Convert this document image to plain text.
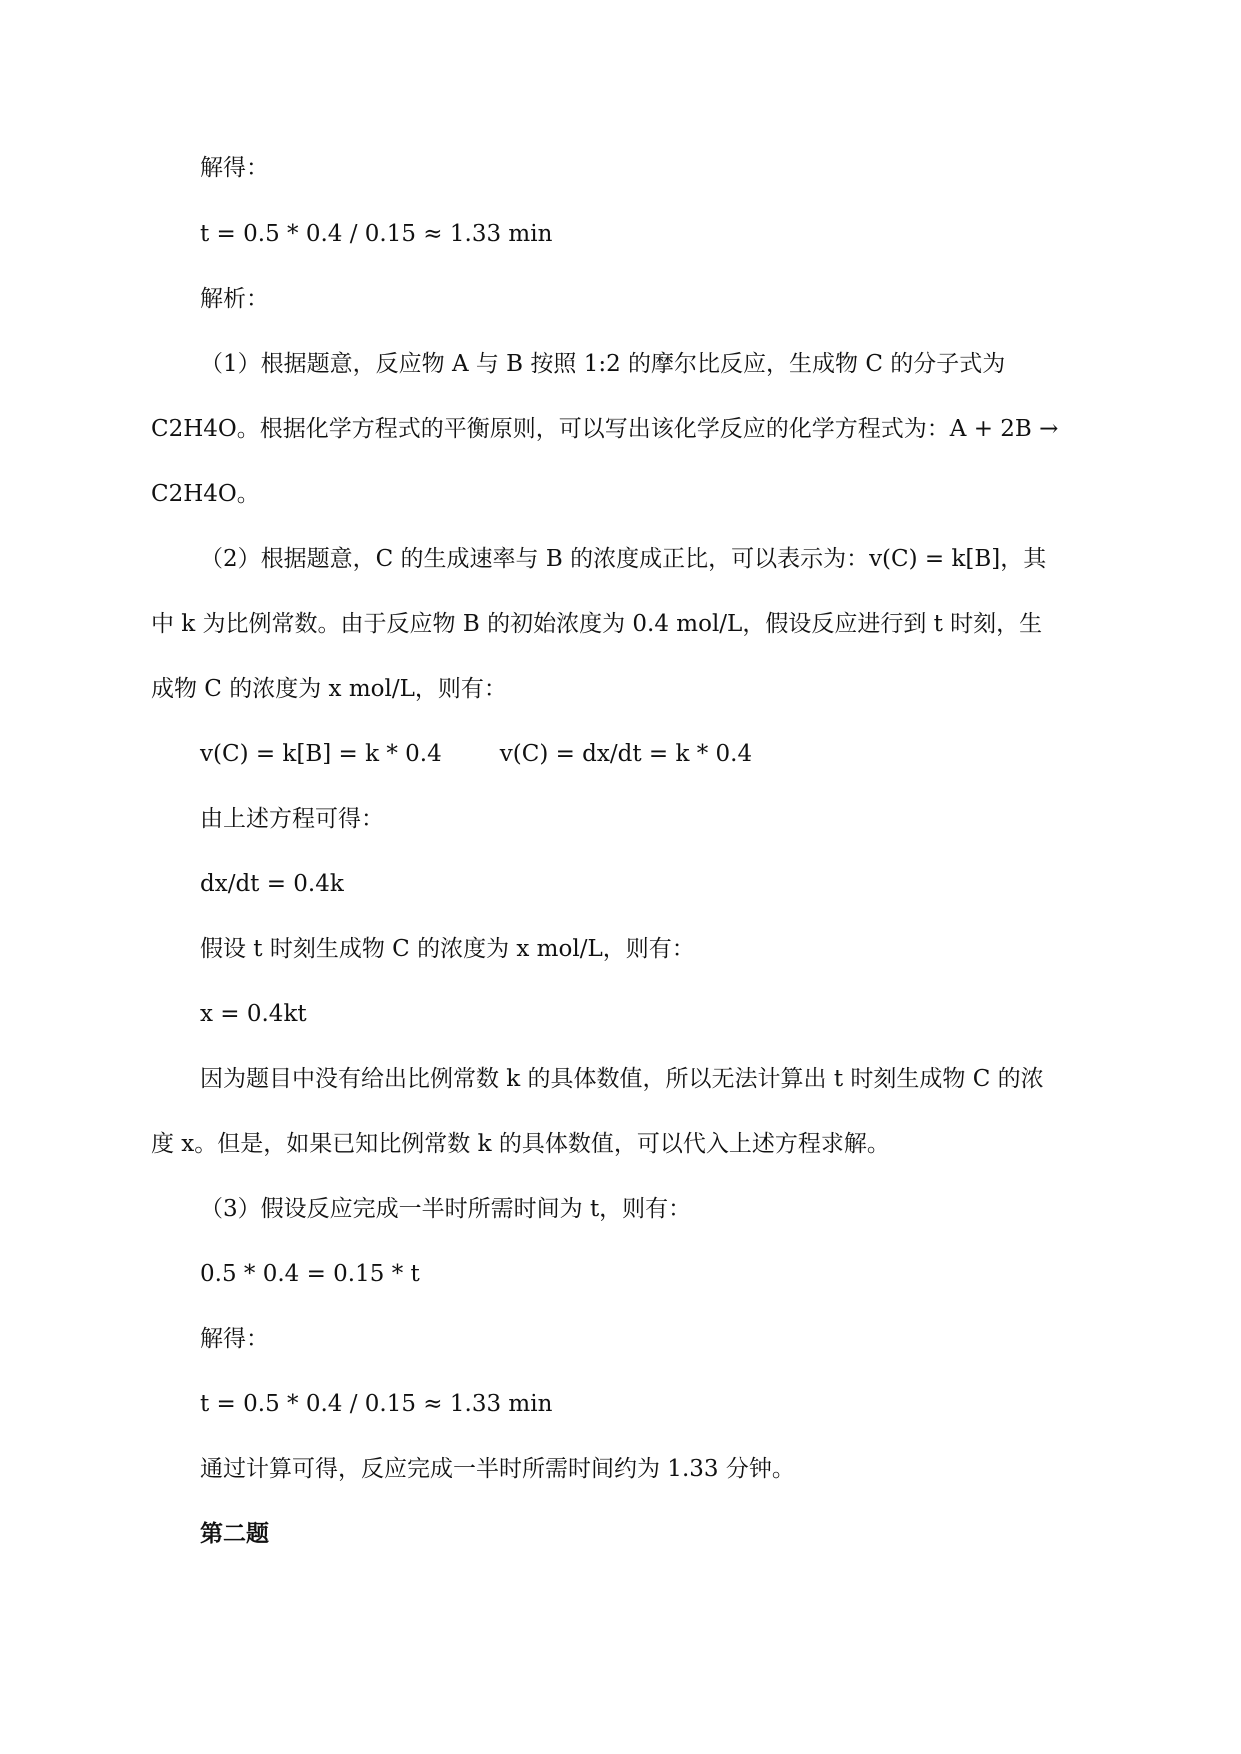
解得：
t = 0.5 * 0.4 / 0.15 ≈ 1.33 min
解析：
（1）根据题意，反应物 A 与 B 按照 1:2 的摩尔比反应，生成物 C 的分子式为
C2H4O。根据化学方程式的平衡原则，可以写出该化学反应的化学方程式为：A + 2B →
C2H4O。
（2）根据题意，C 的生成速率与 B 的浓度成正比，可以表示为：v(C) = k[B]，其
中 k 为比例常数。由于反应物 B 的初始浓度为 0.4 mol/L，假设反应进行到 t 时刻，生
成物 C 的浓度为 x mol/L，则有：
v(C) = k[B] = k * 0.4	v(C) = dx/dt = k * 0.4
由上述方程可得：
dx/dt = 0.4k
假设 t 时刻生成物 C 的浓度为 x mol/L，则有：
x = 0.4kt
因为题目中没有给出比例常数 k 的具体数值，所以无法计算出 t 时刻生成物 C 的浓
度 x。但是，如果已知比例常数 k 的具体数值，可以代入上述方程求解。
（3）假设反应完成一半时所需时间为 t，则有：
0.5 * 0.4 = 0.15 * t
解得：
t = 0.5 * 0.4 / 0.15 ≈ 1.33 min
通过计算可得，反应完成一半时所需时间约为 1.33 分钟。
第二题
